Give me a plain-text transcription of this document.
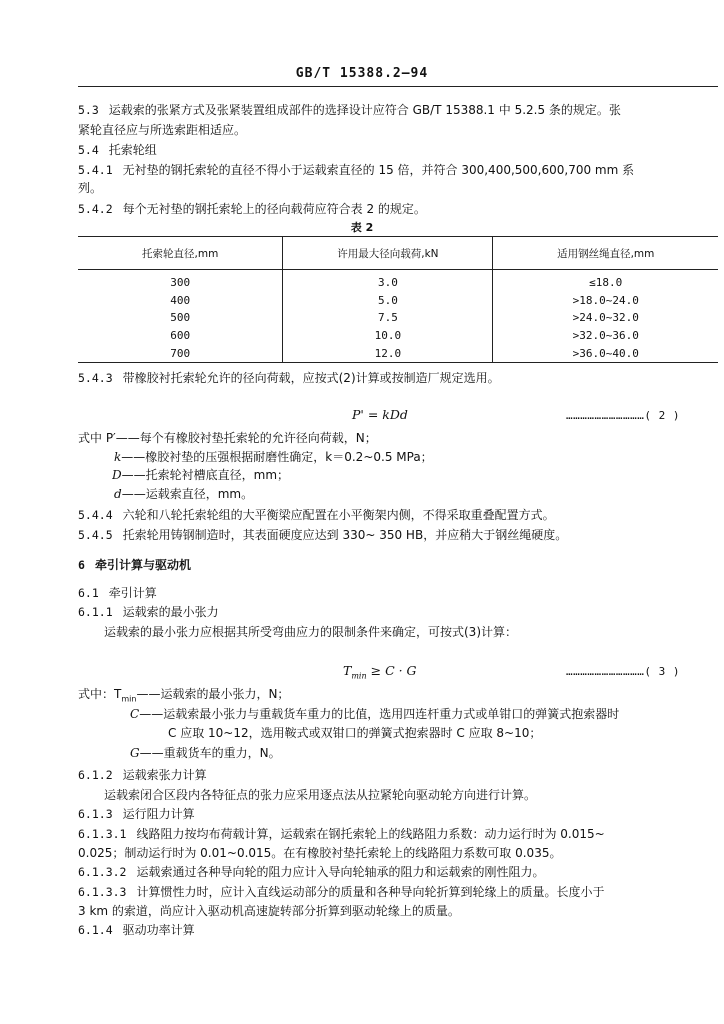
GB/T 15388.2—94
5.3 运载索的张紧方式及张紧装置组成部件的选择设计应符合 GB/T 15388.1 中 5.2.5 条的规定。张
紧轮直径应与所选索距相适应。
5.4 托索轮组
5.4.1 无衬垫的钢托索轮的直径不得小于运载索直径的 15 倍，并符合 300,400,500,600,700 mm 系
列。
5.4.2 每个无衬垫的钢托索轮上的径向载荷应符合表 2 的规定。
表 2
托索轮直径,mm	许用最大径向载荷,kN	适用钢丝绳直径,mm
300	3.0	≤18.0
400	5.0	>18.0~24.0
500	7.5	>24.0~32.0
600	10.0	>32.0~36.0
700	12.0	>36.0~40.0
5.4.3 带橡胶衬托索轮允许的径向荷载，应按式(2)计算或按制造厂规定选用。
P' = kDd	……………………………( 2 )
式中 P′——每个有橡胶衬垫托索轮的允许径向荷载，N；
k——橡胶衬垫的压强根据耐磨性确定，k＝0.2~0.5 MPa；
D——托索轮衬槽底直径，mm；
d——运载索直径，mm。
5.4.4 六轮和八轮托索轮组的大平衡梁应配置在小平衡架内侧，不得采取重叠配置方式。
5.4.5 托索轮用铸钢制造时，其表面硬度应达到 330~ 350 HB，并应稍大于钢丝绳硬度。
6 牵引计算与驱动机
6.1 牵引计算
6.1.1 运载索的最小张力
运载索的最小张力应根据其所受弯曲应力的限制条件来确定，可按式(3)计算：
$T_{min} \ge C \cdot G$	……………………………( 3 )
式中：$T_{min}——$运载索的最小张力，N；
C——运载索最小张力与重载货车重力的比值，选用四连杆重力式或单钳口的弹簧式抱索器时
C 应取 10~12，选用鞍式或双钳口的弹簧式抱索器时 C 应取 8~10；
G——重载货车的重力，N。
6.1.2 运载索张力计算
运载索闭合区段内各特征点的张力应采用逐点法从拉紧轮向驱动轮方向进行计算。
6.1.3 运行阻力计算
6.1.3.1 线路阻力按均布荷载计算，运载索在钢托索轮上的线路阻力系数：动力运行时为 0.015~
0.025；制动运行时为 0.01~0.015。在有橡胶衬垫托索轮上的线路阻力系数可取 0.035。
6.1.3.2 运载索通过各种导向轮的阻力应计入导向轮轴承的阻力和运载索的刚性阻力。
6.1.3.3 计算惯性力时，应计入直线运动部分的质量和各种导向轮折算到轮缘上的质量。长度小于
3 km 的索道，尚应计入驱动机高速旋转部分折算到驱动轮缘上的质量。
6.1.4 驱动功率计算
